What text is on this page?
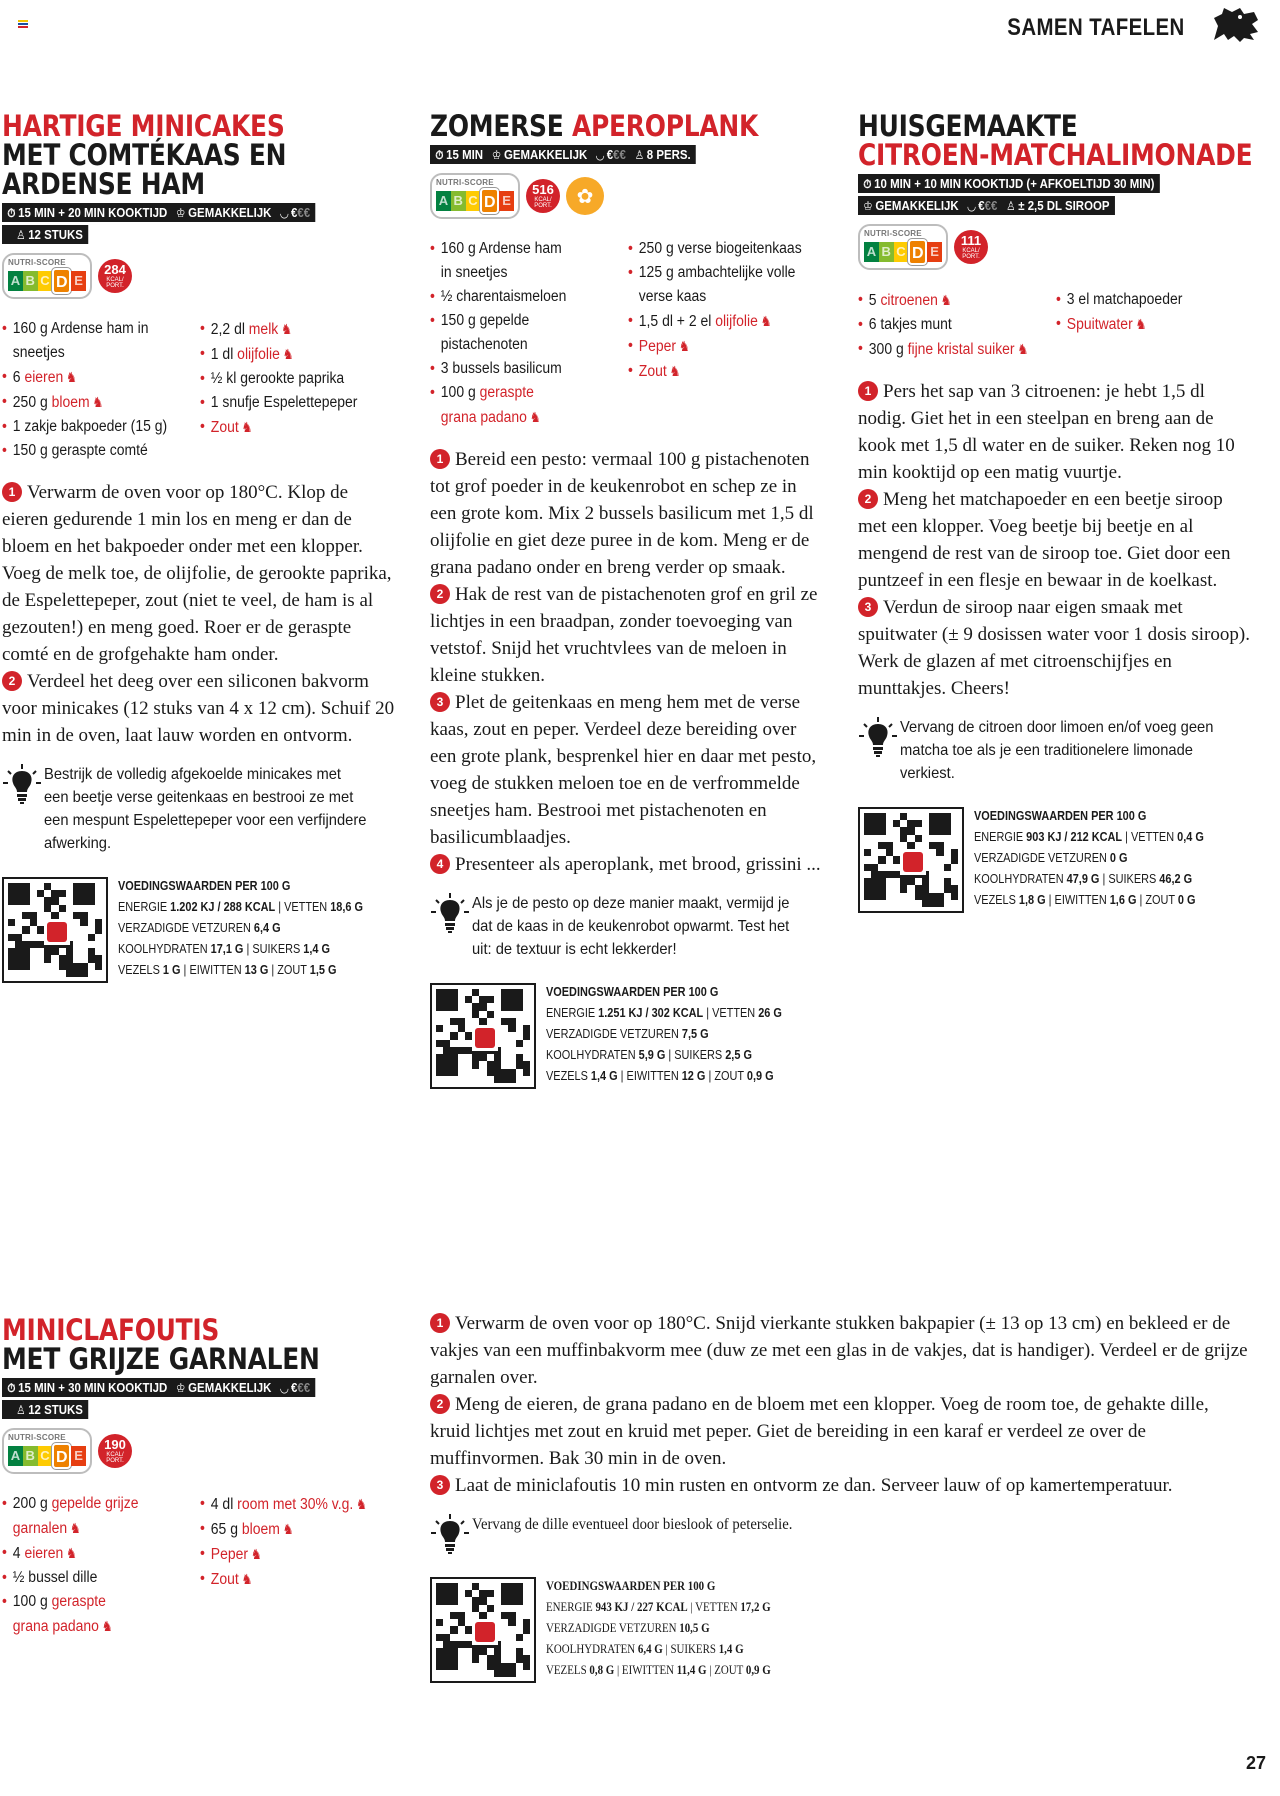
SAMEN TAFELEN
HARTIGE MINICAKES
MET COMTÉKAAS EN ARDENSE HAM
⏱ 15 MIN + 20 MIN KOOKTIJD ♔ GEMAKKELIJK ◡ €€€
♙ 12 STUKS
NUTRI-SCORE
A B C D E
284
KCAL/ PORT.
• 160 g Ardense ham in
sneetjes
• 6 eieren ♞
• 250 g bloem ♞
• 1 zakje bakpoeder (15 g)
• 150 g geraspte comté
• 2,2 dl melk ♞
• 1 dl olijfolie ♞
• ½ kl gerookte paprika
• 1 snufje Espelettepeper
• Zout ♞
1 Verwarm de oven voor op 180°C. Klop de eieren gedurende 1 min los en meng er dan de bloem en het bakpoeder onder met een klopper. Voeg de melk toe, de olijfolie, de gerookte paprika, de Espelettepeper, zout (niet te veel, de ham is al gezouten!) en meng goed. Roer er de geraspte comté en de grofgehakte ham onder.
2 Verdeel het deeg over een siliconen bakvorm voor minicakes (12 stuks van 4 x 12 cm). Schuif 20 min in de oven, laat lauw worden en ontvorm.
Bestrijk de volledig afgekoelde minicakes met een beetje verse geitenkaas en bestrooi ze met een mespunt Espelettepeper voor een verfijndere afwerking.
VOEDINGSWAARDEN PER 100 G
ENERGIE 1.202 KJ / 288 KCAL | VETTEN 18,6 G
VERZADIGDE VETZUREN 6,4 G
KOOLHYDRATEN 17,1 G | SUIKERS 1,4 G
VEZELS 1 G | EIWITTEN 13 G | ZOUT 1,5 G
ZOMERSE APEROPLANK
⏱ 15 MIN ♔ GEMAKKELIJK ◡ €€€ ♙ 8 PERS.
NUTRI-SCORE
A B C D E
516
KCAL/ PORT.	✿
• 160 g Ardense ham
in sneetjes
• ½ charentaismeloen
• 150 g gepelde
pistachenoten
• 3 bussels basilicum
• 100 g geraspte
grana padano ♞
• 250 g verse biogeitenkaas
• 125 g ambachtelijke volle
verse kaas
• 1,5 dl + 2 el olijfolie ♞
• Peper ♞
• Zout ♞
1 Bereid een pesto: vermaal 100 g pistachenoten tot grof poeder in de keukenrobot en schep ze in een grote kom. Mix 2 bussels basilicum met 1,5 dl olijfolie en giet deze puree in de kom. Meng er de grana padano onder en breng verder op smaak.
2 Hak de rest van de pistachenoten grof en gril ze lichtjes in een braadpan, zonder toevoeging van vetstof. Snijd het vruchtvlees van de meloen in kleine stukken.
3 Plet de geitenkaas en meng hem met de verse kaas, zout en peper. Verdeel deze bereiding over een grote plank, besprenkel hier en daar met pesto, voeg de stukken meloen toe en de verfrommelde sneetjes ham. Bestrooi met pistachenoten en basilicumblaadjes.
4 Presenteer als aperoplank, met brood, grissini ...
Als je de pesto op deze manier maakt, vermijd je dat de kaas in de keukenrobot opwarmt. Test het uit: de textuur is echt lekkerder!
VOEDINGSWAARDEN PER 100 G
ENERGIE 1.251 KJ / 302 KCAL | VETTEN 26 G
VERZADIGDE VETZUREN 7,5 G
KOOLHYDRATEN 5,9 G | SUIKERS 2,5 G
VEZELS 1,4 G | EIWITTEN 12 G | ZOUT 0,9 G
HUISGEMAAKTE
CITROEN-MATCHALIMONADE
⏱ 10 MIN + 10 MIN KOOKTIJD (+ AFKOELTIJD 30 MIN)
♔ GEMAKKELIJK ◡ €€€ ♙ ± 2,5 DL SIROOP
NUTRI-SCORE
A B C D E
111
KCAL/ PORT.
• 5 citroenen ♞
• 6 takjes munt
• 300 g fijne kristal suiker ♞
• 3 el matchapoeder
• Spuitwater ♞
1 Pers het sap van 3 citroenen: je hebt 1,5 dl nodig. Giet het in een steelpan en breng aan de kook met 1,5 dl water en de suiker. Reken nog 10 min kooktijd op een matig vuurtje.
2 Meng het matchapoeder en een beetje siroop met een klopper. Voeg beetje bij beetje en al mengend de rest van de siroop toe. Giet door een puntzeef in een flesje en bewaar in de koelkast.
3 Verdun de siroop naar eigen smaak met spuitwater (± 9 dosissen water voor 1 dosis siroop). Werk de glazen af met citroenschijfjes en munttakjes. Cheers!
Vervang de citroen door limoen en/of voeg geen matcha toe als je een traditionelere limonade verkiest.
VOEDINGSWAARDEN PER 100 G
ENERGIE 903 KJ / 212 KCAL | VETTEN 0,4 G
VERZADIGDE VETZUREN 0 G
KOOLHYDRATEN 47,9 G | SUIKERS 46,2 G
VEZELS 1,8 G | EIWITTEN 1,6 G | ZOUT 0 G
MINICLAFOUTIS
MET GRIJZE GARNALEN
⏱ 15 MIN + 30 MIN KOOKTIJD ♔ GEMAKKELIJK ◡ €€€
♙ 12 STUKS
NUTRI-SCORE
A B C D E
190
KCAL/ PORT.
• 200 g gepelde grijze
garnalen ♞
• 4 eieren ♞
• ½ bussel dille
• 100 g geraspte
grana padano ♞
• 4 dl room met 30% v.g. ♞
• 65 g bloem ♞
• Peper ♞
• Zout ♞
1 Verwarm de oven voor op 180°C. Snijd vierkante stukken bakpapier (± 13 op 13 cm) en bekleed er de vakjes van een muffinbakvorm mee (duw ze met een glas in de vakjes, dat is handiger). Verdeel er de grijze garnalen over.
2 Meng de eieren, de grana padano en de bloem met een klopper. Voeg de room toe, de gehakte dille, kruid lichtjes met zout en kruid met peper. Giet de bereiding in een karaf er verdeel ze over de muffinvormen. Bak 30 min in de oven.
3 Laat de miniclafoutis 10 min rusten en ontvorm ze dan. Serveer lauw of op kamertemperatuur.
Vervang de dille eventueel door bieslook of peterselie.
VOEDINGSWAARDEN PER 100 G
ENERGIE 943 KJ / 227 KCAL | VETTEN 17,2 G
VERZADIGDE VETZUREN 10,5 G
KOOLHYDRATEN 6,4 G | SUIKERS 1,4 G
VEZELS 0,8 G | EIWITTEN 11,4 G | ZOUT 0,9 G
27
